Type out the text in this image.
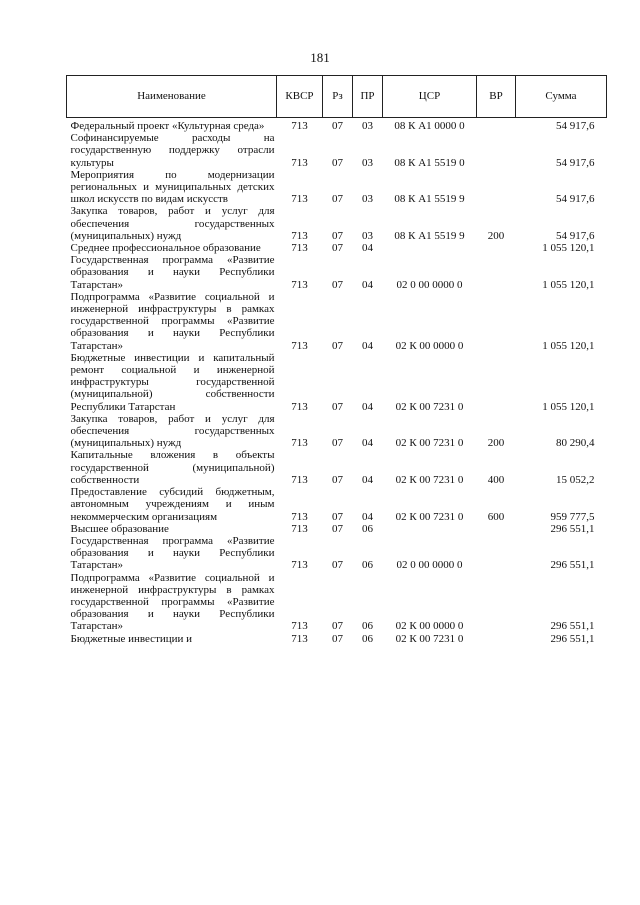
181
Наименование	КВСР	Рз	ПР	ЦСР	ВР	Сумма
Федеральный проект «Культурная среда»	713	07	03	08 К А1 0000 0		54 917,6
Софинансируемые расходы на государственную поддержку отрасли культуры	713	07	03	08 К А1 5519 0		54 917,6
Мероприятия по модернизации региональных и муниципальных детских школ искусств по видам искусств	713	07	03	08 К А1 5519 9		54 917,6
Закупка товаров, работ и услуг для обеспечения государственных (муниципальных) нужд	713	07	03	08 К А1 5519 9	200	54 917,6
Среднее профессиональное образование	713	07	04			1 055 120,1
Государственная программа «Развитие образования и науки Республики Татарстан»	713	07	04	02 0 00 0000 0		1 055 120,1
Подпрограмма «Развитие социальной и инженерной инфраструктуры в рамках государственной программы «Развитие образования и науки Республики Татарстан»	713	07	04	02 К 00 0000 0		1 055 120,1
Бюджетные инвестиции и капитальный ремонт социальной и инженерной инфраструктуры государственной (муниципальной) собственности Республики Татарстан	713	07	04	02 К 00 7231 0		1 055 120,1
Закупка товаров, работ и услуг для обеспечения государственных (муниципальных) нужд	713	07	04	02 К 00 7231 0	200	80 290,4
Капитальные вложения в объекты государственной (муниципальной) собственности	713	07	04	02 К 00 7231 0	400	15 052,2
Предоставление субсидий бюджетным, автономным учреждениям и иным некоммерческим организациям	713	07	04	02 К 00 7231 0	600	959 777,5
Высшее образование	713	07	06			296 551,1
Государственная программа «Развитие образования и науки Республики Татарстан»	713	07	06	02 0 00 0000 0		296 551,1
Подпрограмма «Развитие социальной и инженерной инфраструктуры в рамках государственной программы «Развитие образования и науки Республики Татарстан»	713	07	06	02 К 00 0000 0		296 551,1
Бюджетные инвестиции и	713	07	06	02 К 00 7231 0		296 551,1
